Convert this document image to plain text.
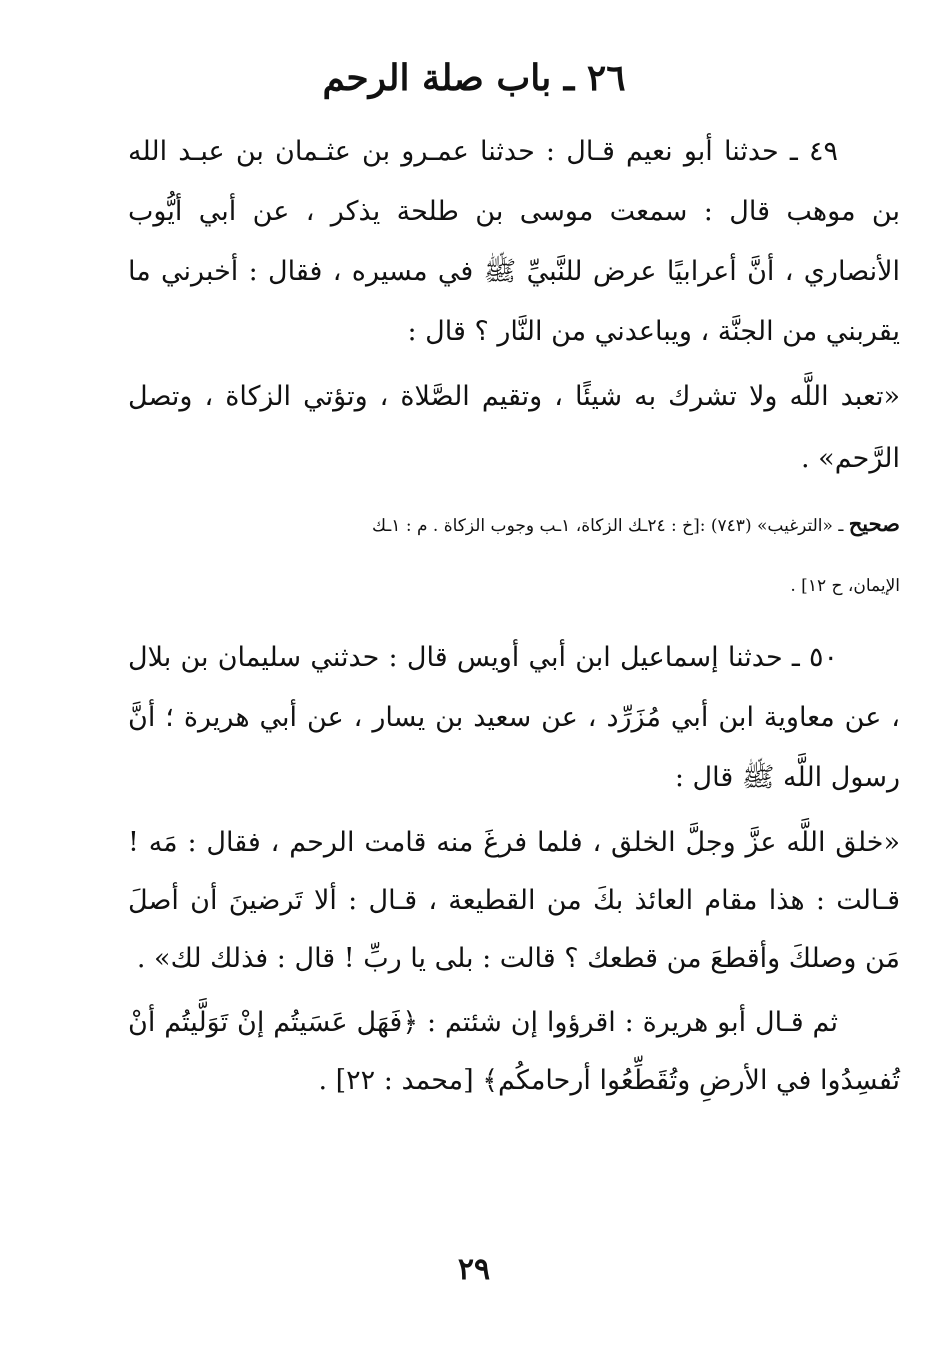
٢٦ ـ باب صلة الرحم

٤٩ ـ حدثنا أبو نعيم قـال : حدثنا عمـرو بن عثـمان بن عبـد الله بن موهب قال : سمعت موسى بن طلحة يذكر ، عن أبي أيُّوب الأنصاري ، أنَّ أعرابيًا عرض للنَّبيِّ ﷺ في مسيره ، فقال : أخبرني ما يقربني من الجنَّة ، ويباعدني من النَّار ؟ قال :

«تعبد اللَّه ولا تشرك به شيئًا ، وتقيم الصَّلاة ، وتؤتي الزكاة ، وتصل الرَّحم» .

صحيح ـ «الترغيب» (٧٤٣) :[خ : ٢٤ـك الزكاة، ١ـب وجوب الزكاة . م : ١ـك

الإيمان، ح ١٢] .

٥٠ ـ حدثنا إسماعيل ابن أبي أويس قال : حدثني سليمان بن بلال ، عن معاوية ابن أبي مُزَرِّد ، عن سعيد بن يسار ، عن أبي هريرة ؛ أنَّ رسول اللَّه ﷺ قال :

«خلق اللَّه عزَّ وجلَّ الخلق ، فلما فرغَ منه قامت الرحم ، فقال : مَه ! قـالت : هذا مقام العائذ بكَ من القطيعة ، قـال : ألا تَرضينَ أن أصلَ مَن وصلكَ وأقطعَ من قطعك ؟ قالت : بلى يا ربِّ ! قال : فذلك لك» .

ثم قـال أبو هريرة : اقرؤوا إن شئتم : ﴿فَهَل عَسَيتُم إنْ تَوَلَّيتُم أنْ تُفسِدُوا في الأرضِ وتُقَطِّعُوا أرحامكُم﴾ [محمد : ٢٢] .

٢٩
